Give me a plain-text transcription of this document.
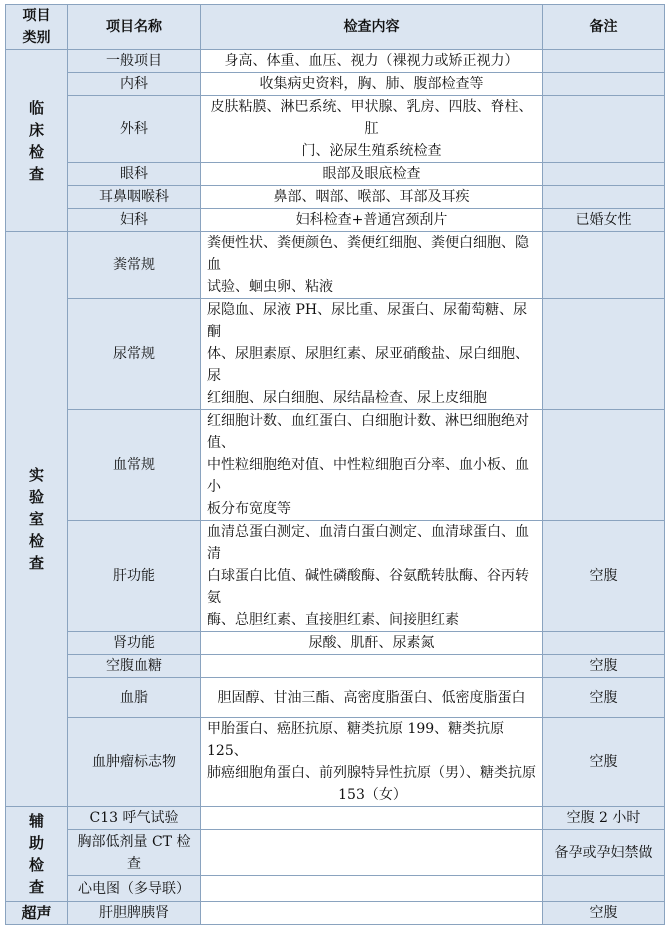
项目
类别	项目名称	检查内容	备注

临
床
检
查	一般项目	身高、体重、血压、视力（裸视力或矫正视力）	
	内科	收集病史资料，胸、肺、腹部检查等	
	外科	皮肤粘膜、淋巴系统、甲状腺、乳房、四肢、脊柱、肛
门、泌尿生殖系统检查	
	眼科	眼部及眼底检查	
	耳鼻咽喉科	鼻部、咽部、喉部、耳部及耳疾	
	妇科	妇科检查+普通宫颈刮片	已婚女性

实
验
室
检
查	粪常规	粪便性状、粪便颜色、粪便红细胞、粪便白细胞、隐血
试验、蛔虫卵、粘液	
	尿常规	尿隐血、尿液 PH、尿比重、尿蛋白、尿葡萄糖、尿酮
体、尿胆素原、尿胆红素、尿亚硝酸盐、尿白细胞、尿
红细胞、尿白细胞、尿结晶检查、尿上皮细胞	
	血常规	红细胞计数、血红蛋白、白细胞计数、淋巴细胞绝对值、
中性粒细胞绝对值、中性粒细胞百分率、血小板、血小
板分布宽度等	
	肝功能	血清总蛋白测定、血清白蛋白测定、血清球蛋白、血清
白球蛋白比值、碱性磷酸酶、谷氨酰转肽酶、谷丙转氨
酶、总胆红素、直接胆红素、间接胆红素	空腹
	肾功能	尿酸、肌酐、尿素氮	
	空腹血糖		空腹
	血脂	胆固醇、甘油三酯、高密度脂蛋白、低密度脂蛋白	空腹
	血肿瘤标志物	甲胎蛋白、癌胚抗原、糖类抗原 199、糖类抗原 125、
肺癌细胞角蛋白、前列腺特异性抗原（男）、糖类抗原
153（女）	空腹

辅
助
检
查	C13 呼气试验		空腹 2 小时
	胸部低剂量 CT 检
查		备孕或孕妇禁做
	心电图（多导联）		
超声	肝胆脾胰肾		空腹
